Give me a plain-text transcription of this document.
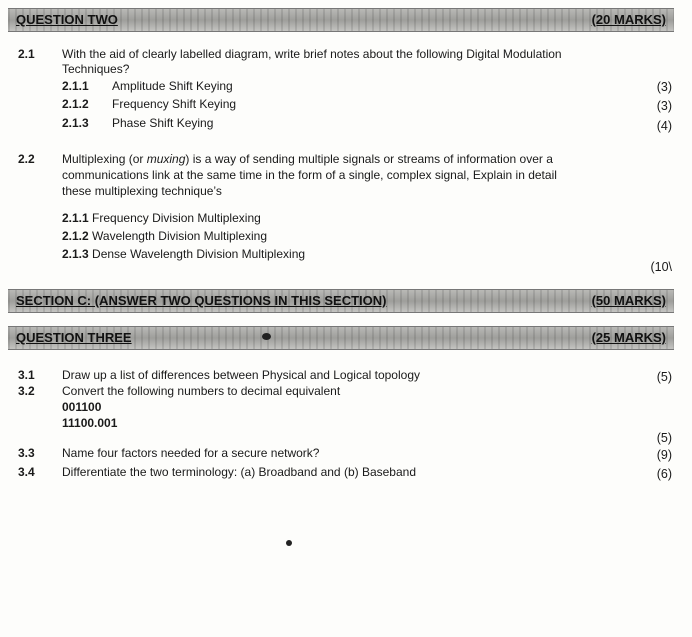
QUESTION TWO	(20 MARKS)
2.1 With the aid of clearly labelled diagram, write brief notes about the following Digital Modulation
Techniques?
2.1.1 Amplitude Shift Keying	(3)
2.1.2 Frequency Shift Keying	(3)
2.1.3 Phase Shift Keying	(4)
2.2 Multiplexing (or muxing) is a way of sending multiple signals or streams of information over a
communications link at the same time in the form of a single, complex signal, Explain in detail
these multiplexing technique’s
2.1.1 Frequency Division Multiplexing
2.1.2 Wavelength Division Multiplexing
2.1.3 Dense Wavelength Division Multiplexing
(10\
SECTION C: (ANSWER TWO QUESTIONS IN THIS SECTION)	(50 MARKS)
QUESTION THREE	(25 MARKS)
3.1 Draw up a list of differences between Physical and Logical topology	(5)
3.2 Convert the following numbers to decimal equivalent
001100
11100.001
(5)
3.3 Name four factors needed for a secure network?	(9)
3.4 Differentiate the two terminology: (a) Broadband and (b) Baseband	(6)
